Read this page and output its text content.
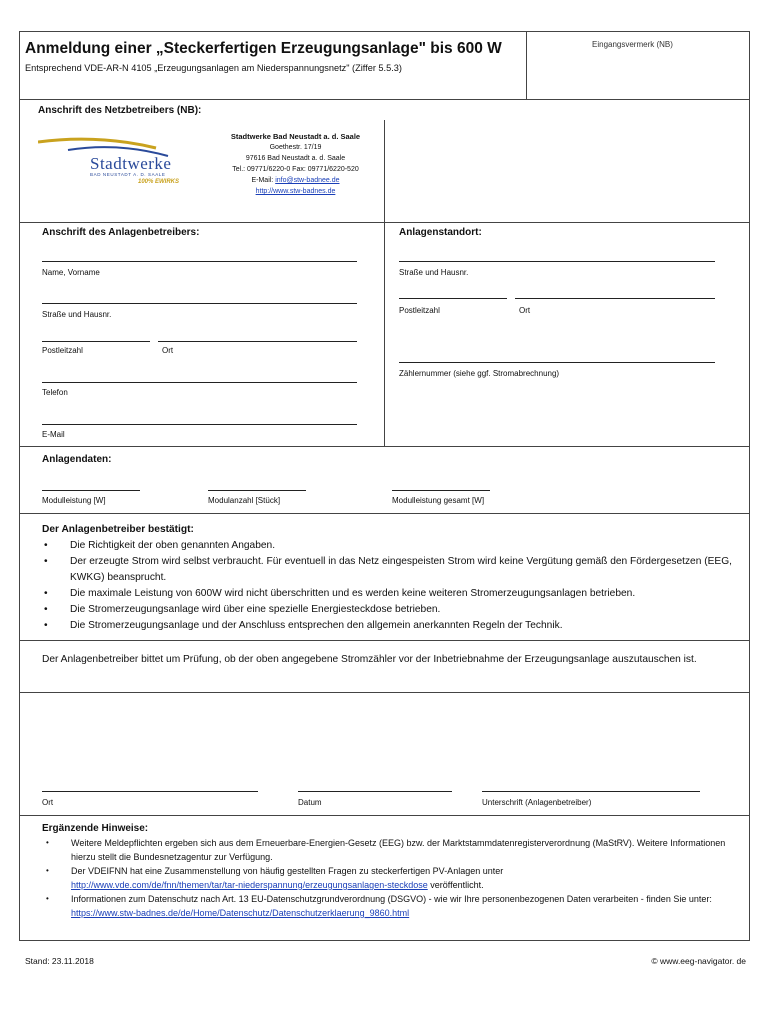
Anmeldung einer „Steckerfertigen Erzeugungsanlage" bis 600 W
Entsprechend VDE-AR-N 4105 „Erzeugungsanlagen am Niederspannungsnetz" (Ziffer 5.5.3)
Eingangsvermerk (NB)
Anschrift des Netzbetreibers (NB):
Stadtwerke
BAD NEUSTADT A. D. SAALE
100% EWIRKS
Stadtwerke Bad Neustadt a. d. Saale
Goethestr. 17/19
97616 Bad Neustadt a. d. Saale
Tel.: 09771/6220-0 Fax: 09771/6220-520
E-Mail: info@stw-badnee.de
http://www.stw-badnes.de
Anschrift des Anlagenbetreibers:
Name, Vorname
Straße und Hausnr.
Postleitzahl	Ort
Telefon
E-Mail
Anlagenstandort:
Straße und Hausnr.
Postleitzahl	Ort
Zählernummer (siehe ggf. Stromabrechnung)
Anlagendaten:
Modulleistung [W]	Modulanzahl [Stück]	Modulleistung gesamt [W]
Der Anlagenbetreiber bestätigt:
• Die Richtigkeit der oben genannten Angaben.
• Der erzeugte Strom wird selbst verbraucht. Für eventuell in das Netz eingespeisten Strom wird keine Vergütung gemäß den Fördergesetzen (EEG, KWKG) beansprucht.
• Die maximale Leistung von 600W wird nicht überschritten und es werden keine weiteren Stromerzeugungsanlagen betrieben.
• Die Stromerzeugungsanlage wird über eine spezielle Energiesteckdose betrieben.
• Die Stromerzeugungsanlage und der Anschluss entsprechen den allgemein anerkannten Regeln der Technik.
Der Anlagenbetreiber bittet um Prüfung, ob der oben angegebene Stromzähler vor der Inbetriebnahme der Erzeugungsanlage auszutauschen ist.
Ort	Datum	Unterschrift (Anlagenbetreiber)
Ergänzende Hinweise:
• Weitere Meldepflichten ergeben sich aus dem Erneuerbare-Energien-Gesetz (EEG) bzw. der Marktstammdatenregisterverordnung (MaStRV). Weitere Informationen hierzu stellt die Bundesnetzagentur zur Verfügung.
• Der VDEIFNN hat eine Zusammenstellung von häufig gestellten Fragen zu steckerfertigen PV-Anlagen unter
http://www.vde.com/de/fnn/themen/tar/tar-niederspannung/erzeugungsanlagen-steckdose veröffentlicht.
• Informationen zum Datenschutz nach Art. 13 EU-Datenschutzgrundverordnung (DSGVO) - wie wir Ihre personenbezogenen Daten verarbeiten - finden Sie unter:
https://www.stw-badnes.de/de/Home/Datenschutz/Datenschutzerklaerung_9860.html
Stand: 23.11.2018	© www.eeg-navigator. de
